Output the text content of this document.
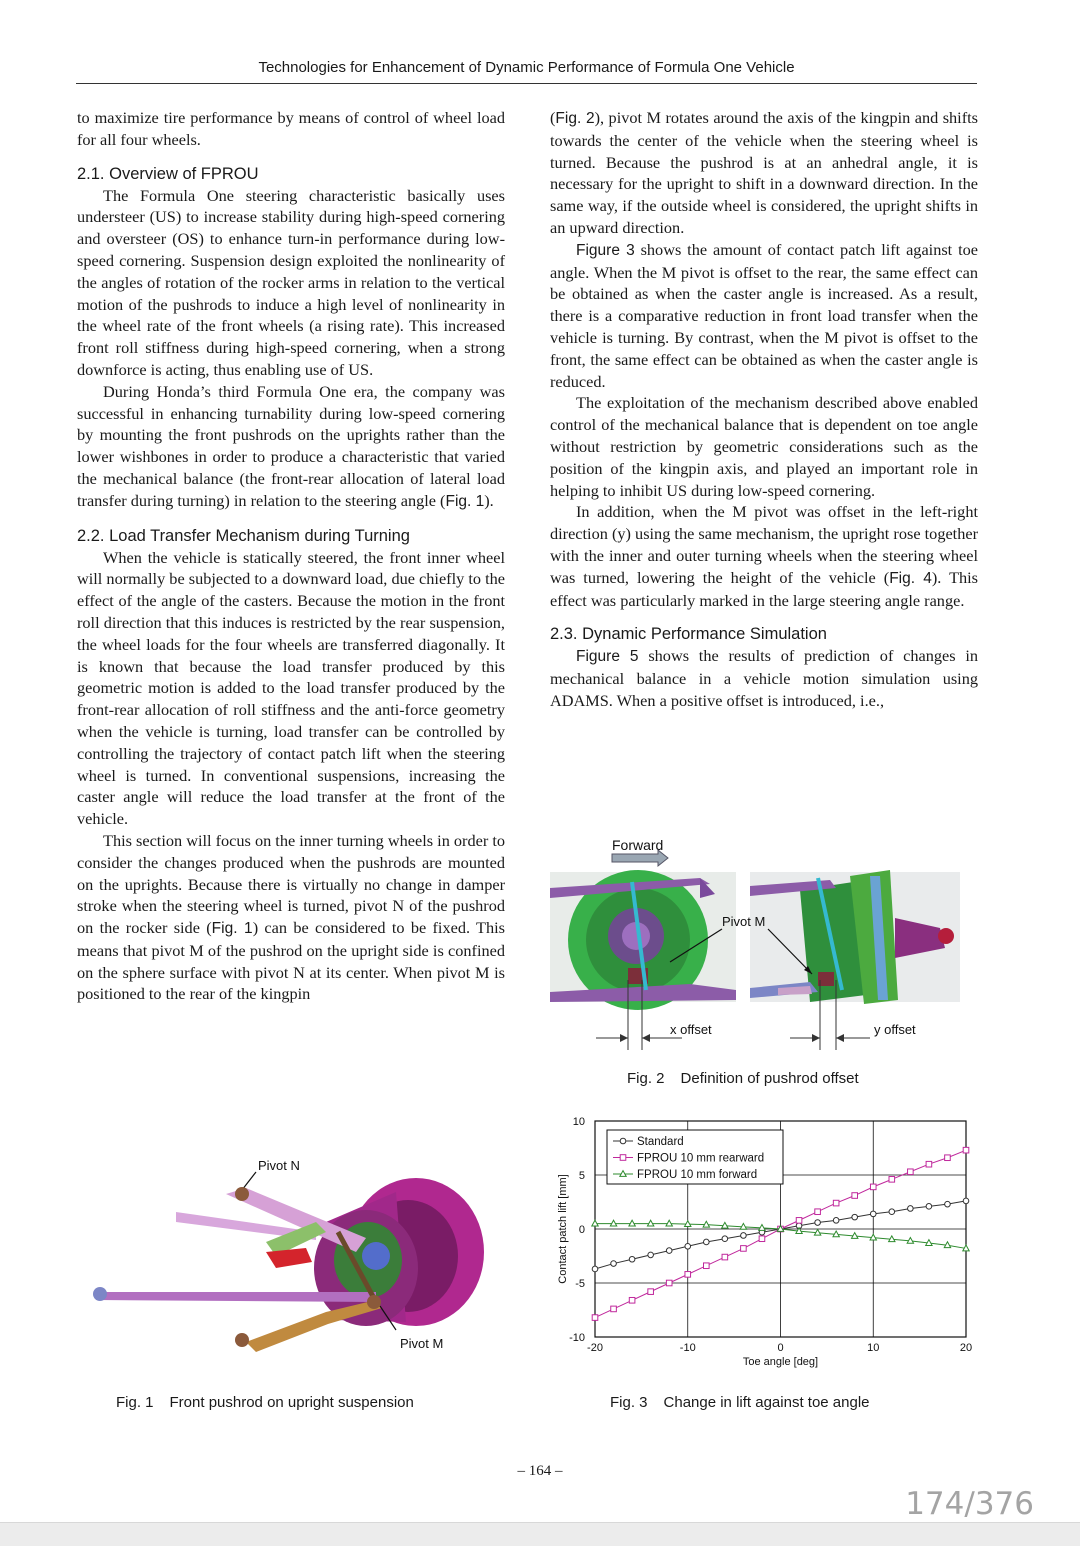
Technologies for Enhancement of Dynamic Performance of Formula One Vehicle

to maximize tire performance by means of control of wheel load for all four wheels.

2.1. Overview of FPROU

The Formula One steering characteristic basically uses understeer (US) to increase stability during high-speed cornering and oversteer (OS) to enhance turn-in performance during low-speed cornering. Suspension design exploited the nonlinearity of the angles of rotation of the rocker arms in relation to the vertical motion of the pushrods to induce a high level of nonlinearity in the wheel rate of the front wheels (a rising rate). This increased front roll stiffness during high-speed cornering, when a strong downforce is acting, thus enabling use of US.

During Honda’s third Formula One era, the company was successful in enhancing turnability during low-speed cornering by mounting the front pushrods on the uprights rather than the lower wishbones in order to produce a characteristic that varied the mechanical balance (the front-rear allocation of lateral load transfer during turning) in relation to the steering angle (Fig. 1).

2.2. Load Transfer Mechanism during Turning

When the vehicle is statically steered, the front inner wheel will normally be subjected to a downward load, due chiefly to the effect of the angle of the casters. Because the motion in the front roll direction that this induces is restricted by the rear suspension, the wheel loads for the four wheels are transferred diagonally. It is known that because the load transfer produced by this geometric motion is added to the load transfer produced by the front-rear allocation of roll stiffness and the anti-force geometry when the vehicle is turning, load transfer can be controlled by controlling the trajectory of contact patch lift when the steering wheel is turned. In conventional suspensions, increasing the caster angle will reduce the load transfer at the front of the vehicle.

This section will focus on the inner turning wheels in order to consider the changes produced when the pushrods are mounted on the uprights. Because there is virtually no change in damper stroke when the steering wheel is turned, pivot N of the pushrod on the rocker side (Fig. 1) can be considered to be fixed. This means that pivot M of the pushrod on the upright side is confined on the sphere surface with pivot N at its center. When pivot M is positioned to the rear of the kingpin

(Fig. 2), pivot M rotates around the axis of the kingpin and shifts towards the center of the vehicle when the steering wheel is turned. Because the pushrod is at an anhedral angle, it is necessary for the upright to shift in a downward direction. In the same way, if the outside wheel is considered, the upright shifts in an upward direction.

Figure 3 shows the amount of contact patch lift against toe angle. When the M pivot is offset to the rear, the same effect can be obtained as when the caster angle is increased. As a result, there is a comparative reduction in front load transfer when the vehicle is turning. By contrast, when the M pivot is offset to the front, the same effect can be obtained as when the caster angle is reduced.

The exploitation of the mechanism described above enabled control of the mechanical balance that is dependent on toe angle without restriction by geometric considerations such as the position of the kingpin axis, and played an important role in helping to inhibit US during low-speed cornering.

In addition, when the M pivot was offset in the left-right direction (y) using the same mechanism, the upright rose together with the inner and outer turning wheels when the steering wheel was turned, lowering the height of the vehicle (Fig. 4). This effect was particularly marked in the large steering angle range.

2.3. Dynamic Performance Simulation

Figure 5 shows the results of prediction of changes in mechanical balance in a vehicle motion simulation using ADAMS. When a positive offset is introduced, i.e.,

Forward
Pivot M
x offset	y offset
Fig. 2 Definition of pushrod offset
Pivot N
Pivot M
Fig. 1 Front pushrod on upright suspension
Contact patch lift [mm]
Toe angle [deg]
-20	-10	0	10	20
-10
-5
0
5
10
Standard
FPROU 10 mm rearward
FPROU 10 mm forward
Fig. 3 Change in lift against toe angle
– 164 –
174/376
